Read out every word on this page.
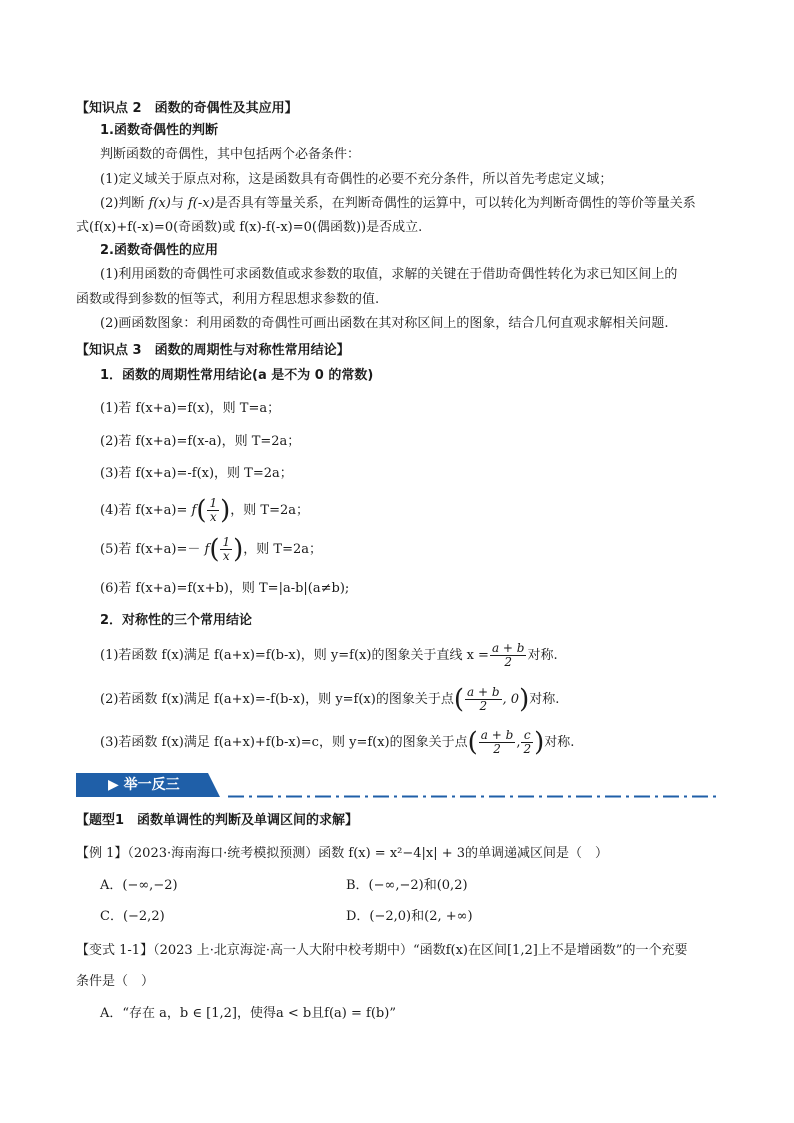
【知识点 2　函数的奇偶性及其应用】
1.函数奇偶性的判断
判断函数的奇偶性，其中包括两个必备条件：
(1)定义域关于原点对称，这是函数具有奇偶性的必要不充分条件，所以首先考虑定义域；
(2)判断 f(x)与 f(-x)是否具有等量关系，在判断奇偶性的运算中，可以转化为判断奇偶性的等价等量关系
式(f(x)+f(-x)=0(奇函数)或 f(x)-f(-x)=0(偶函数))是否成立.
2.函数奇偶性的应用
(1)利用函数的奇偶性可求函数值或求参数的取值，求解的关键在于借助奇偶性转化为求已知区间上的
函数或得到参数的恒等式，利用方程思想求参数的值.
(2)画函数图象：利用函数的奇偶性可画出函数在其对称区间上的图象，结合几何直观求解相关问题.
【知识点 3　函数的周期性与对称性常用结论】
1．函数的周期性常用结论(a 是不为 0 的常数)
(1)若 f(x+a)=f(x)，则 T=a；
(2)若 f(x+a)=f(x-a)，则 T=2a；
(3)若 f(x+a)=-f(x)，则 T=2a；
(4)若 $f(x+a)= f( \frac{1}{x}$ )，则 T=2a；
(5)若 $f(x+a)=- f( \frac{1}{x}$ )，则 T=2a；
(6)若 f(x+a)=f(x+b)，则 T=|a-b|(a≠b);
2．对称性的三个常用结论
(1)若函数 f(x)满足 f(a+x)=f(b-x)，则 y=f(x)的图象关于直线 $x = \frac{a + b}{2}$ 对称.
(2)若函数 f(x)满足 f(a+x)=-f(b-x)，则 y=f(x)的图象关于点( $\frac{a + b}{2}$ , 0)对称.
(3)若函数 f(x)满足 f(a+x)+f(b-x)=c，则 y=f(x)的图象关于点( $\frac{a + b}{2}$ , $\frac{c}{2}$ )对称.
▶ 举一反三
【题型1　函数单调性的判断及单调区间的求解】
【例 1】（2023·海南海口·统考模拟预测）函数 f(x) = x²−4|x| + 3的单调递减区间是（　）
A．(−∞,−2)	B．(−∞,−2)和(0,2)
C．(−2,2)	D．(−2,0)和(2, +∞)
【变式 1-1】（2023 上·北京海淀·高一人大附中校考期中）“函数f(x)在区间[1,2]上不是增函数”的一个充要
条件是（　）
A．“存在 a，b ∈ [1,2]，使得a < b且f(a) = f(b)”
